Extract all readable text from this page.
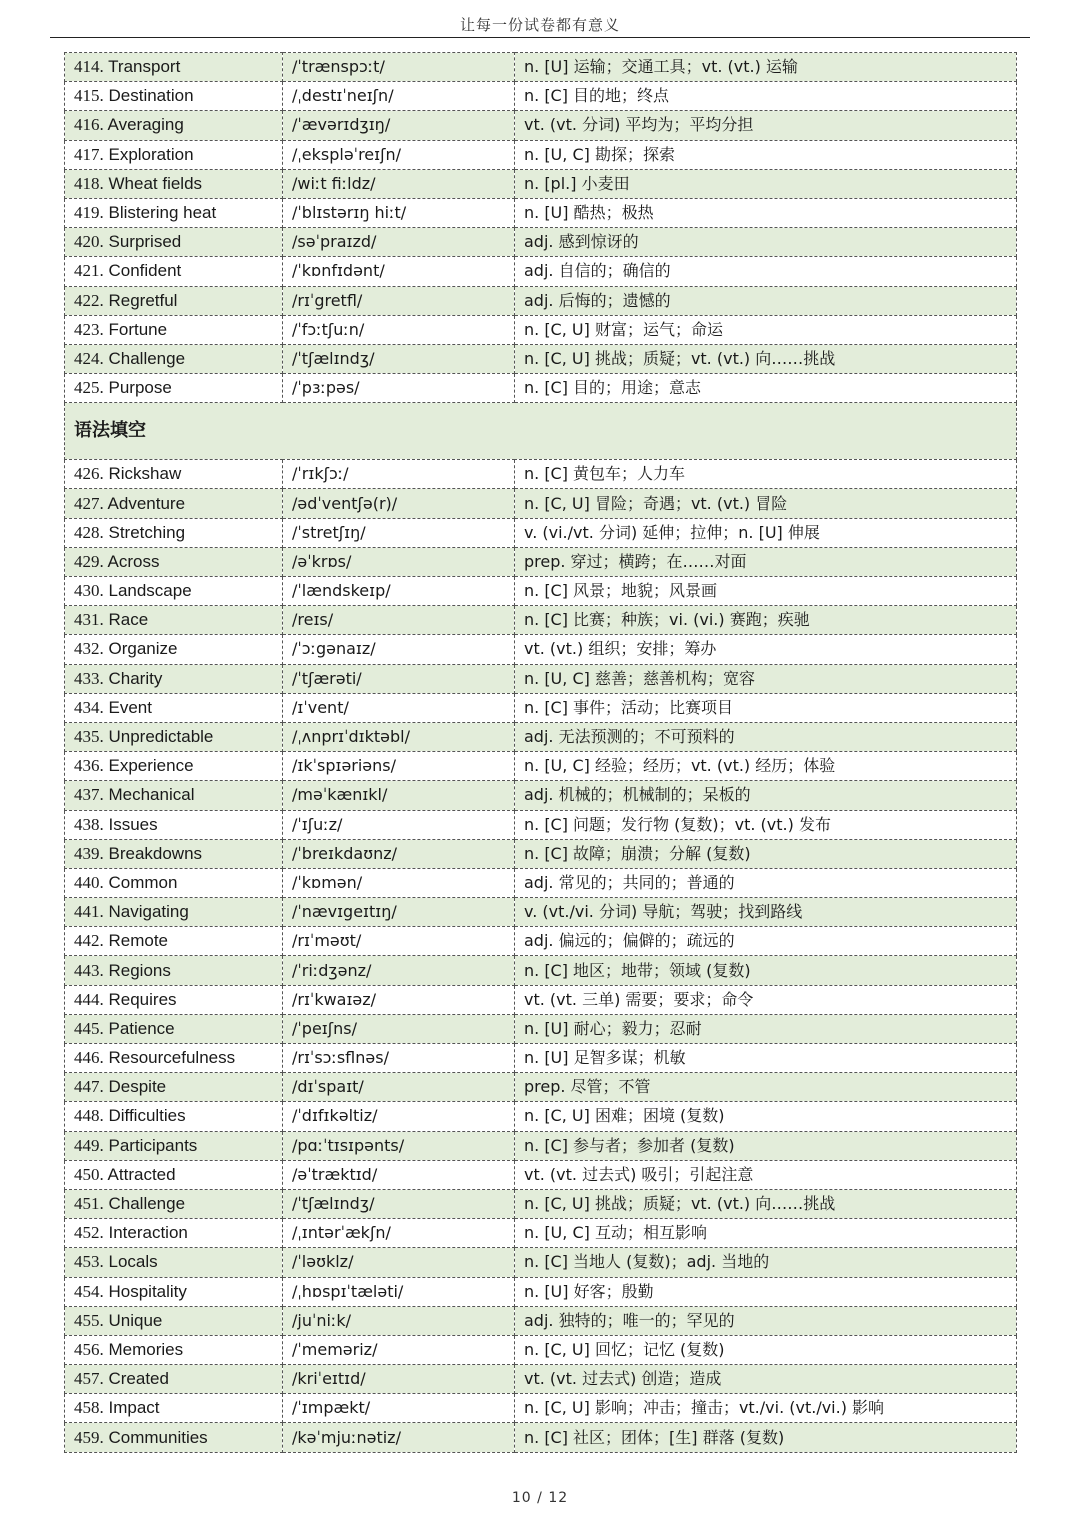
让每一份试卷都有意义
414. Transport	/ˈtrænspɔːt/	n. [U] 运输；交通工具；vt. (vt.) 运输
415. Destination	/ˌdestɪˈneɪʃn/	n. [C] 目的地；终点
416. Averaging	/ˈævərɪdʒɪŋ/	vt. (vt. 分词) 平均为；平均分担
417. Exploration	/ˌekspləˈreɪʃn/	n. [U, C] 勘探；探索
418. Wheat fields	/wiːt fiːldz/	n. [pl.] 小麦田
419. Blistering heat	/ˈblɪstərɪŋ hiːt/	n. [U] 酷热；极热
420. Surprised	/səˈpraɪzd/	adj. 感到惊讶的
421. Confident	/ˈkɒnfɪdənt/	adj. 自信的；确信的
422. Regretful	/rɪˈgretfl/	adj. 后悔的；遗憾的
423. Fortune	/ˈfɔːtʃuːn/	n. [C, U] 财富；运气；命运
424. Challenge	/ˈtʃælɪndʒ/	n. [C, U] 挑战；质疑；vt. (vt.) 向……挑战
425. Purpose	/ˈpɜːpəs/	n. [C] 目的；用途；意志
语法填空		
426. Rickshaw	/ˈrɪkʃɔː/	n. [C] 黄包车；人力车
427. Adventure	/ədˈventʃə(r)/	n. [C, U] 冒险；奇遇；vt. (vt.) 冒险
428. Stretching	/ˈstretʃɪŋ/	v. (vi./vt. 分词) 延伸；拉伸；n. [U] 伸展
429. Across	/əˈkrɒs/	prep. 穿过；横跨；在……对面
430. Landscape	/ˈlændskeɪp/	n. [C] 风景；地貌；风景画
431. Race	/reɪs/	n. [C] 比赛；种族；vi. (vi.) 赛跑；疾驰
432. Organize	/ˈɔːgənaɪz/	vt. (vt.) 组织；安排；筹办
433. Charity	/ˈtʃærəti/	n. [U, C] 慈善；慈善机构；宽容
434. Event	/ɪˈvent/	n. [C] 事件；活动；比赛项目
435. Unpredictable	/ˌʌnprɪˈdɪktəbl/	adj. 无法预测的；不可预料的
436. Experience	/ɪkˈspɪəriəns/	n. [U, C] 经验；经历；vt. (vt.) 经历；体验
437. Mechanical	/məˈkænɪkl/	adj. 机械的；机械制的；呆板的
438. Issues	/ˈɪʃuːz/	n. [C] 问题；发行物 (复数)；vt. (vt.) 发布
439. Breakdowns	/ˈbreɪkdaʊnz/	n. [C] 故障；崩溃；分解 (复数)
440. Common	/ˈkɒmən/	adj. 常见的；共同的；普通的
441. Navigating	/ˈnævɪgeɪtɪŋ/	v. (vt./vi. 分词) 导航；驾驶；找到路线
442. Remote	/rɪˈməʊt/	adj. 偏远的；偏僻的；疏远的
443. Regions	/ˈriːdʒənz/	n. [C] 地区；地带；领域 (复数)
444. Requires	/rɪˈkwaɪəz/	vt. (vt. 三单) 需要；要求；命令
445. Patience	/ˈpeɪʃns/	n. [U] 耐心；毅力；忍耐
446. Resourcefulness	/rɪˈsɔːsflnəs/	n. [U] 足智多谋；机敏
447. Despite	/dɪˈspaɪt/	prep. 尽管；不管
448. Difficulties	/ˈdɪfɪkəltiz/	n. [C, U] 困难；困境 (复数)
449. Participants	/pɑːˈtɪsɪpənts/	n. [C] 参与者；参加者 (复数)
450. Attracted	/əˈtræktɪd/	vt. (vt. 过去式) 吸引；引起注意
451. Challenge	/ˈtʃælɪndʒ/	n. [C, U] 挑战；质疑；vt. (vt.) 向……挑战
452. Interaction	/ˌɪntərˈækʃn/	n. [U, C] 互动；相互影响
453. Locals	/ˈləʊklz/	n. [C] 当地人 (复数)；adj. 当地的
454. Hospitality	/ˌhɒspɪˈtæləti/	n. [U] 好客；殷勤
455. Unique	/juˈniːk/	adj. 独特的；唯一的；罕见的
456. Memories	/ˈmeməriz/	n. [C, U] 回忆；记忆 (复数)
457. Created	/kriˈeɪtɪd/	vt. (vt. 过去式) 创造；造成
458. Impact	/ˈɪmpækt/	n. [C, U] 影响；冲击；撞击；vt./vi. (vt./vi.) 影响
459. Communities	/kəˈmjuːnətiz/	n. [C] 社区；团体；[生] 群落 (复数)
10 / 12
